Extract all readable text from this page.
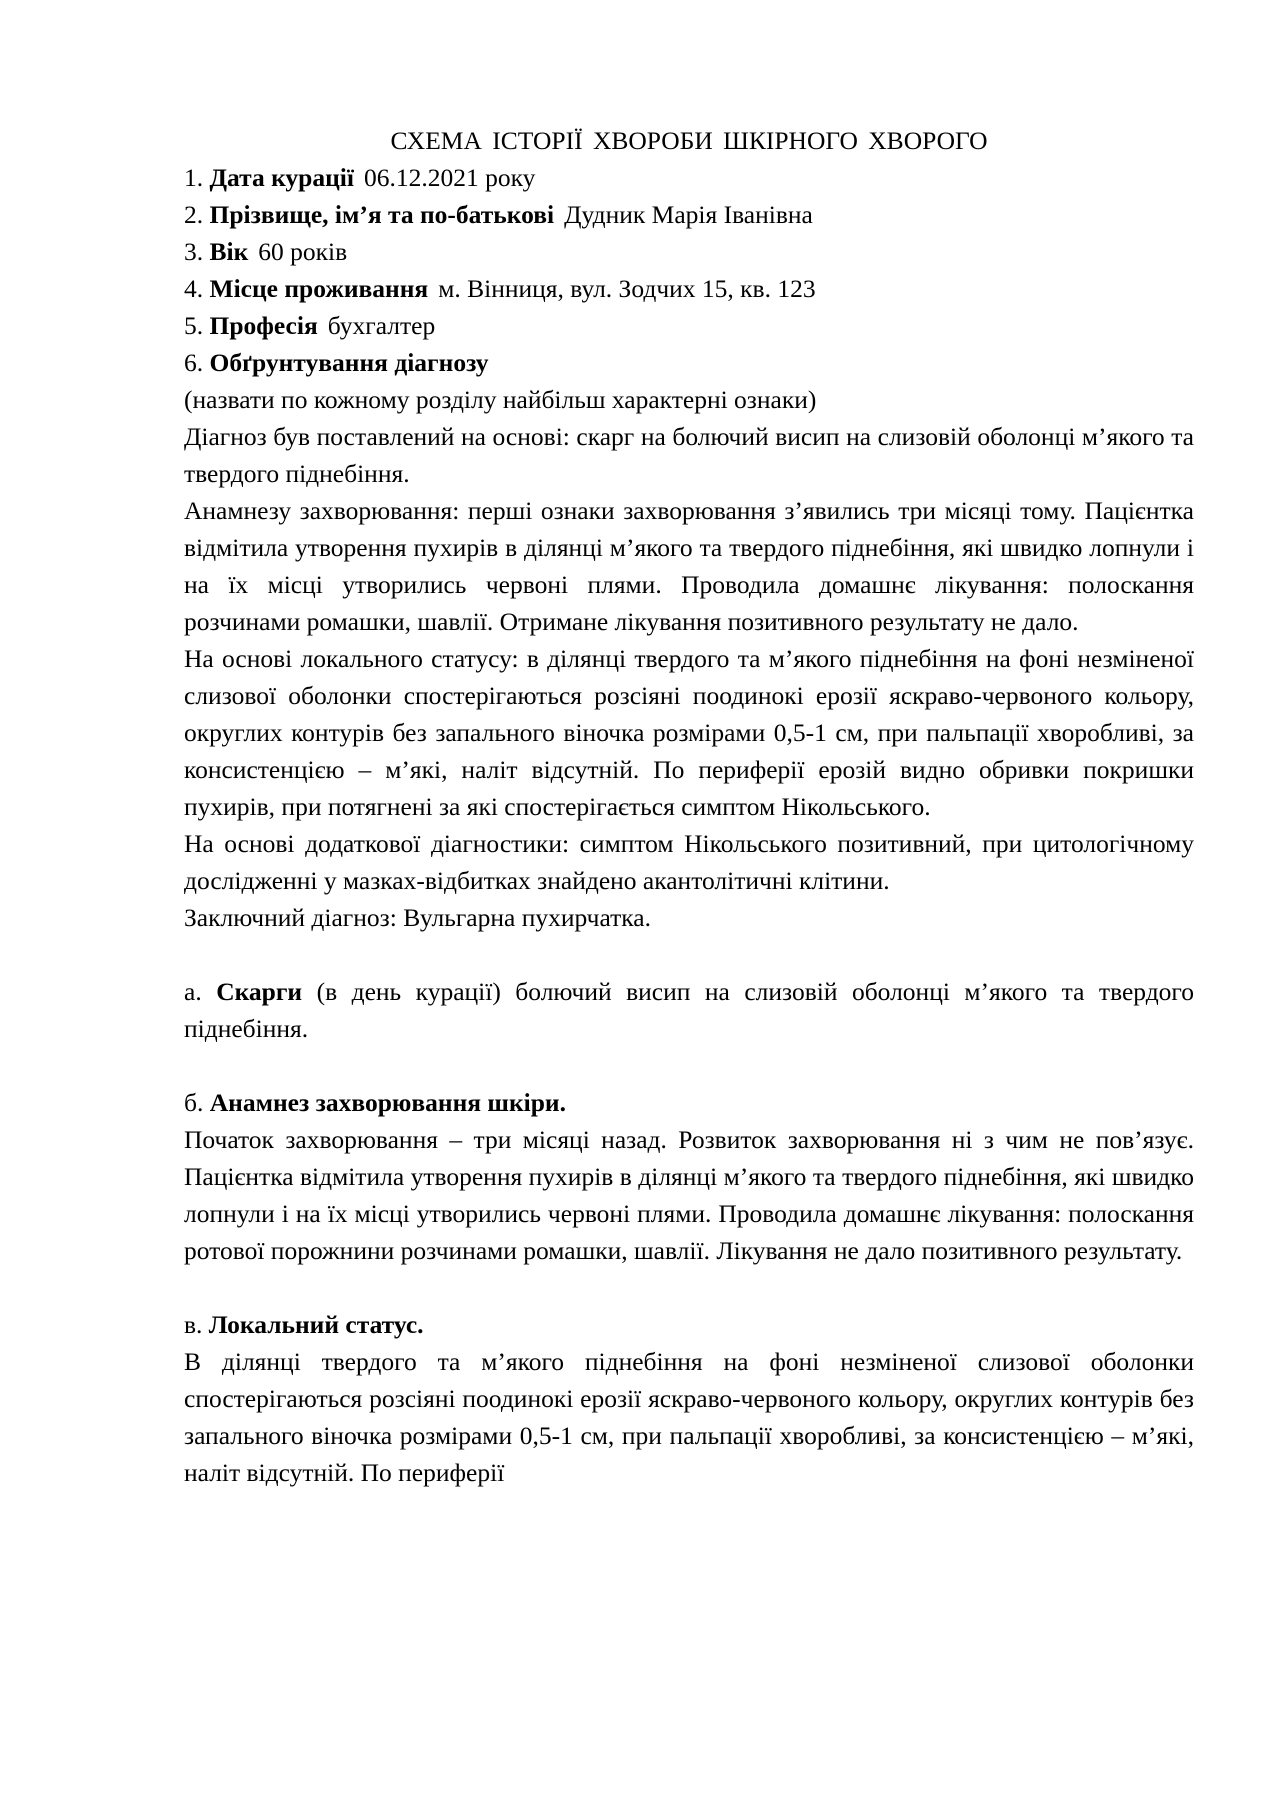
СХЕМА ІСТОРІЇ ХВОРОБИ ШКІРНОГО ХВОРОГО

1. Дата курації 06.12.2021 року

2. Прізвище, ім’я та по-батькові Дудник Марія Іванівна

3. Вік 60 років

4. Місце проживання м. Вінниця, вул. Зодчих 15, кв. 123

5. Професія бухгалтер

6. Обґрунтування діагнозу

(назвати по кожному розділу найбільш характерні ознаки)

Діагноз був поставлений на основі: скарг на болючий висип на слизовій оболонці м’якого та твердого піднебіння.

Анамнезу захворювання: перші ознаки захворювання з’явились три місяці тому. Пацієнтка відмітила утворення пухирів в ділянці м’якого та твердого піднебіння, які швидко лопнули і на їх місці утворились червоні плями. Проводила домашнє лікування: полоскання розчинами ромашки, шавлії. Отримане лікування позитивного результату не дало.

На основі локального статусу: в ділянці твердого та м’якого піднебіння на фоні незміненої слизової оболонки спостерігаються розсіяні поодинокі ерозії яскраво-червоного кольору, округлих контурів без запального віночка розмірами 0,5-1 см, при пальпації хворобливі, за консистенцією – м’які, наліт відсутній. По периферії ерозій видно обривки покришки пухирів, при потягнені за які спостерігається симптом Нікольського.

На основі додаткової діагностики: симптом Нікольського позитивний, при цитологічному дослідженні у мазках-відбитках знайдено акантолітичні клітини.

Заключний діагноз: Вульгарна пухирчатка.

а. Скарги (в день курації) болючий висип на слизовій оболонці м’якого та твердого піднебіння.

б. Анамнез захворювання шкіри.

Початок захворювання – три місяці назад. Розвиток захворювання ні з чим не пов’язує. Пацієнтка відмітила утворення пухирів в ділянці м’якого та твердого піднебіння, які швидко лопнули і на їх місці утворились червоні плями. Проводила домашнє лікування: полоскання ротової порожнини розчинами ромашки, шавлії. Лікування не дало позитивного результату.

в. Локальний статус.

В ділянці твердого та м’якого піднебіння на фоні незміненої слизової оболонки спостерігаються розсіяні поодинокі ерозії яскраво-червоного кольору, округлих контурів без запального віночка розмірами 0,5-1 см, при пальпації хворобливі, за консистенцією – м’які, наліт відсутній. По периферії
